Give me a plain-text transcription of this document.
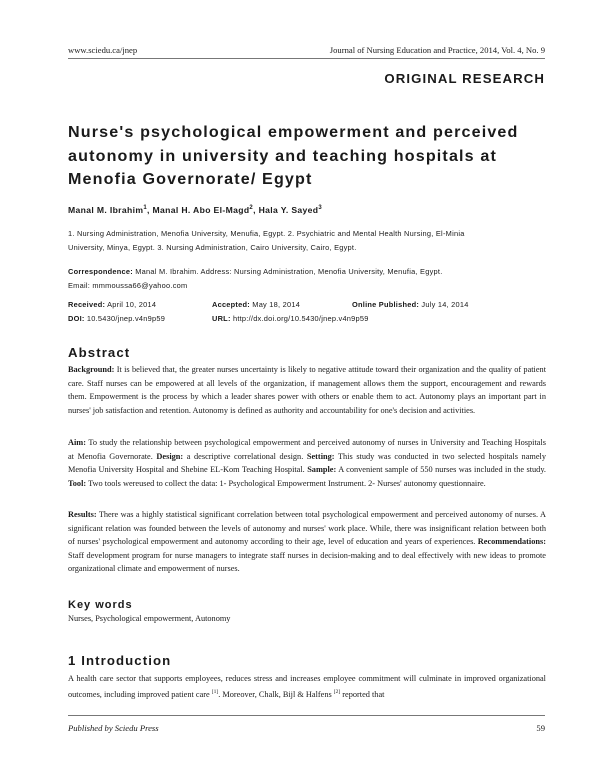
www.sciedu.ca/jnep	Journal of Nursing Education and Practice, 2014, Vol. 4, No. 9
ORIGINAL RESEARCH
Nurse's psychological empowerment and perceived autonomy in university and teaching hospitals at Menofia Governorate/ Egypt
Manal M. Ibrahim$^1$, Manal H. Abo El-Magd$^2$, Hala Y. Sayed$^3$
1. Nursing Administration, Menofia University, Menufia, Egypt. 2. Psychiatric and Mental Health Nursing, El-Minia
University, Minya, Egypt. 3. Nursing Administration, Cairo University, Cairo, Egypt.
Correspondence: Manal M. Ibrahim. Address: Nursing Administration, Menofia University, Menufia, Egypt.
Email: mmmoussa66@yahoo.com
Received: April 10, 2014	Accepted: May 18, 2014	Online Published: July 14, 2014
DOI: 10.5430/jnep.v4n9p59	URL: http://dx.doi.org/10.5430/jnep.v4n9p59
Abstract

Background: It is believed that, the greater nurses uncertainty is likely to negative attitude toward their organization and the quality of patient care. Staff nurses can be empowered at all levels of the organization, if management allows them the support, encouragement and rewards them. Empowerment is the process by which a leader shares power with others or enable them to act. Autonomy plays an important part in nurses' job satisfaction and retention. Autonomy is defined as authority and accountability for one's decision and activities.

Aim: To study the relationship between psychological empowerment and perceived autonomy of nurses in University and Teaching Hospitals at Menofia Governorate. Design: a descriptive correlational design. Setting: This study was conducted in two selected hospitals namely Menofia University Hospital and Shebine EL-Kom Teaching Hospital. Sample: A convenient sample of 550 nurses was included in the study. Tool: Two tools wereused to collect the data: 1- Psychological Empowerment Instrument. 2- Nurses' autonomy questionnaire.

Results: There was a highly statistical significant correlation between total psychological empowerment and perceived autonomy of nurses. A significant relation was founded between the levels of autonomy and nurses' work place. While, there was insignificant relation between both of nurses' psychological empowerment and autonomy according to their age, level of education and years of experiences. Recommendations: Staff development program for nurse managers to integrate staff nurses in decision-making and to deal effectively with new ideas to promote organizational climate and empowerment of nurses.

Key words
Nurses, Psychological empowerment, Autonomy
1 Introduction

A health care sector that supports employees, reduces stress and increases employee commitment will culminate in improved organizational outcomes, including improved patient care [1]. Moreover, Chalk, Bijl & Halfens [2] reported that

Published by Sciedu Press	59
